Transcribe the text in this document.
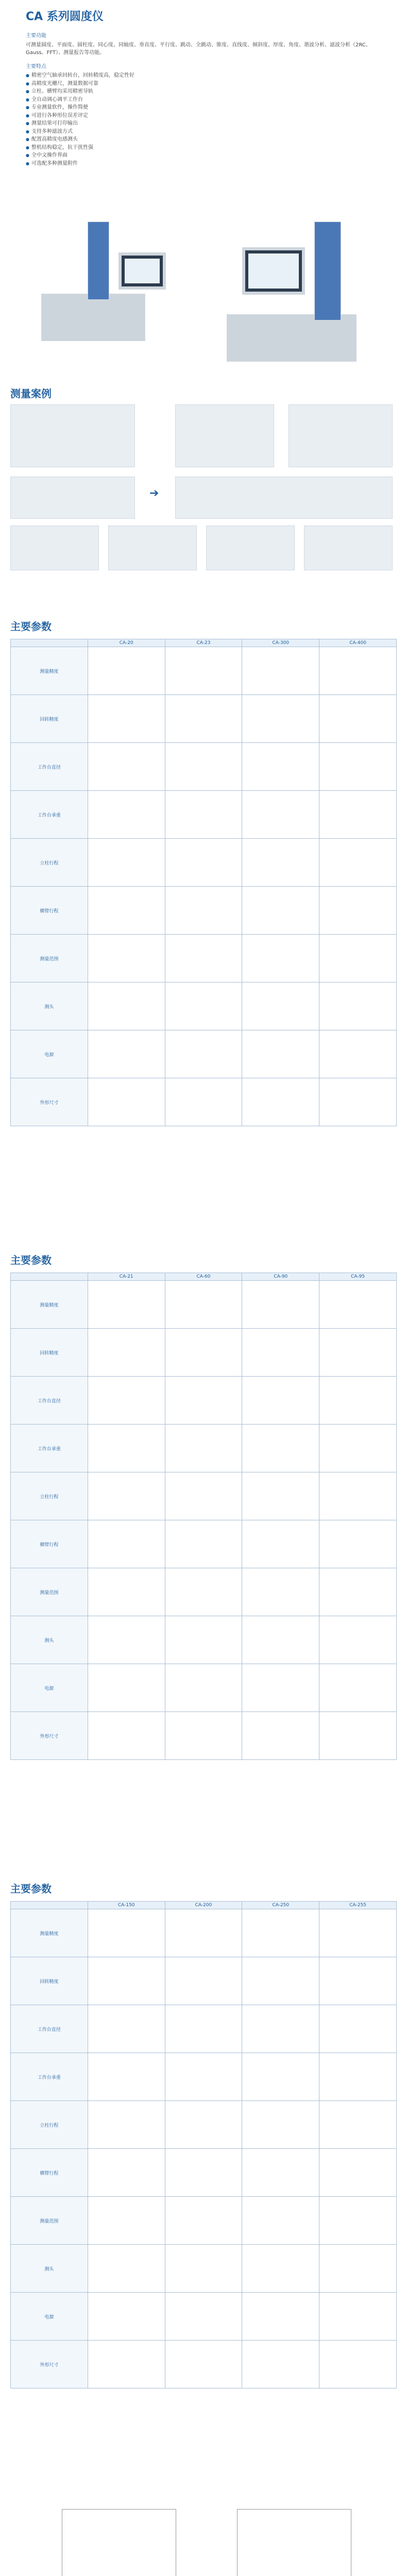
CA 系列圆度仪
主要功能
可测量圆度、平面度、圆柱度、同心度、同轴度、垂直度、平行度、跳动、全跳动、锥度、直线度、倾斜度、厚度、角度、谐波分析、滤波分析（2RC、Gauss、FFT）、测量报告等功能。
主要特点
● 精密空气轴承回转台，回转精度高，稳定性好
● 高精度光栅尺，测量数据可靠
● 立柱、横臂均采用精密导轨
● 全自动调心调平工作台
● 专业测量软件，操作简便
● 可进行各种形位误差评定
● 测量结果可打印输出
● 支持多种滤波方式
● 配置高精度电感测头
● 整机结构稳定，抗干扰性强
● 全中文操作界面
● 可选配多种测量附件
测量案例
➔
主要参数
	CA-20	CA-23	CA-300	CA-400
测量精度				
回转精度				
工作台直径				
工作台承重				
立柱行程				
横臂行程				
测量范围				
测头				
电源				
外形尺寸				
主要参数
	CA-21	CA-60	CA-90	CA-95
测量精度				
回转精度				
工作台直径				
工作台承重				
立柱行程				
横臂行程				
测量范围				
测头				
电源				
外形尺寸				
主要参数
	CA-150	CA-200	CA-250	CA-255
测量精度				
回转精度				
工作台直径				
工作台承重				
立柱行程				
横臂行程				
测量范围				
测头				
电源				
外形尺寸				
